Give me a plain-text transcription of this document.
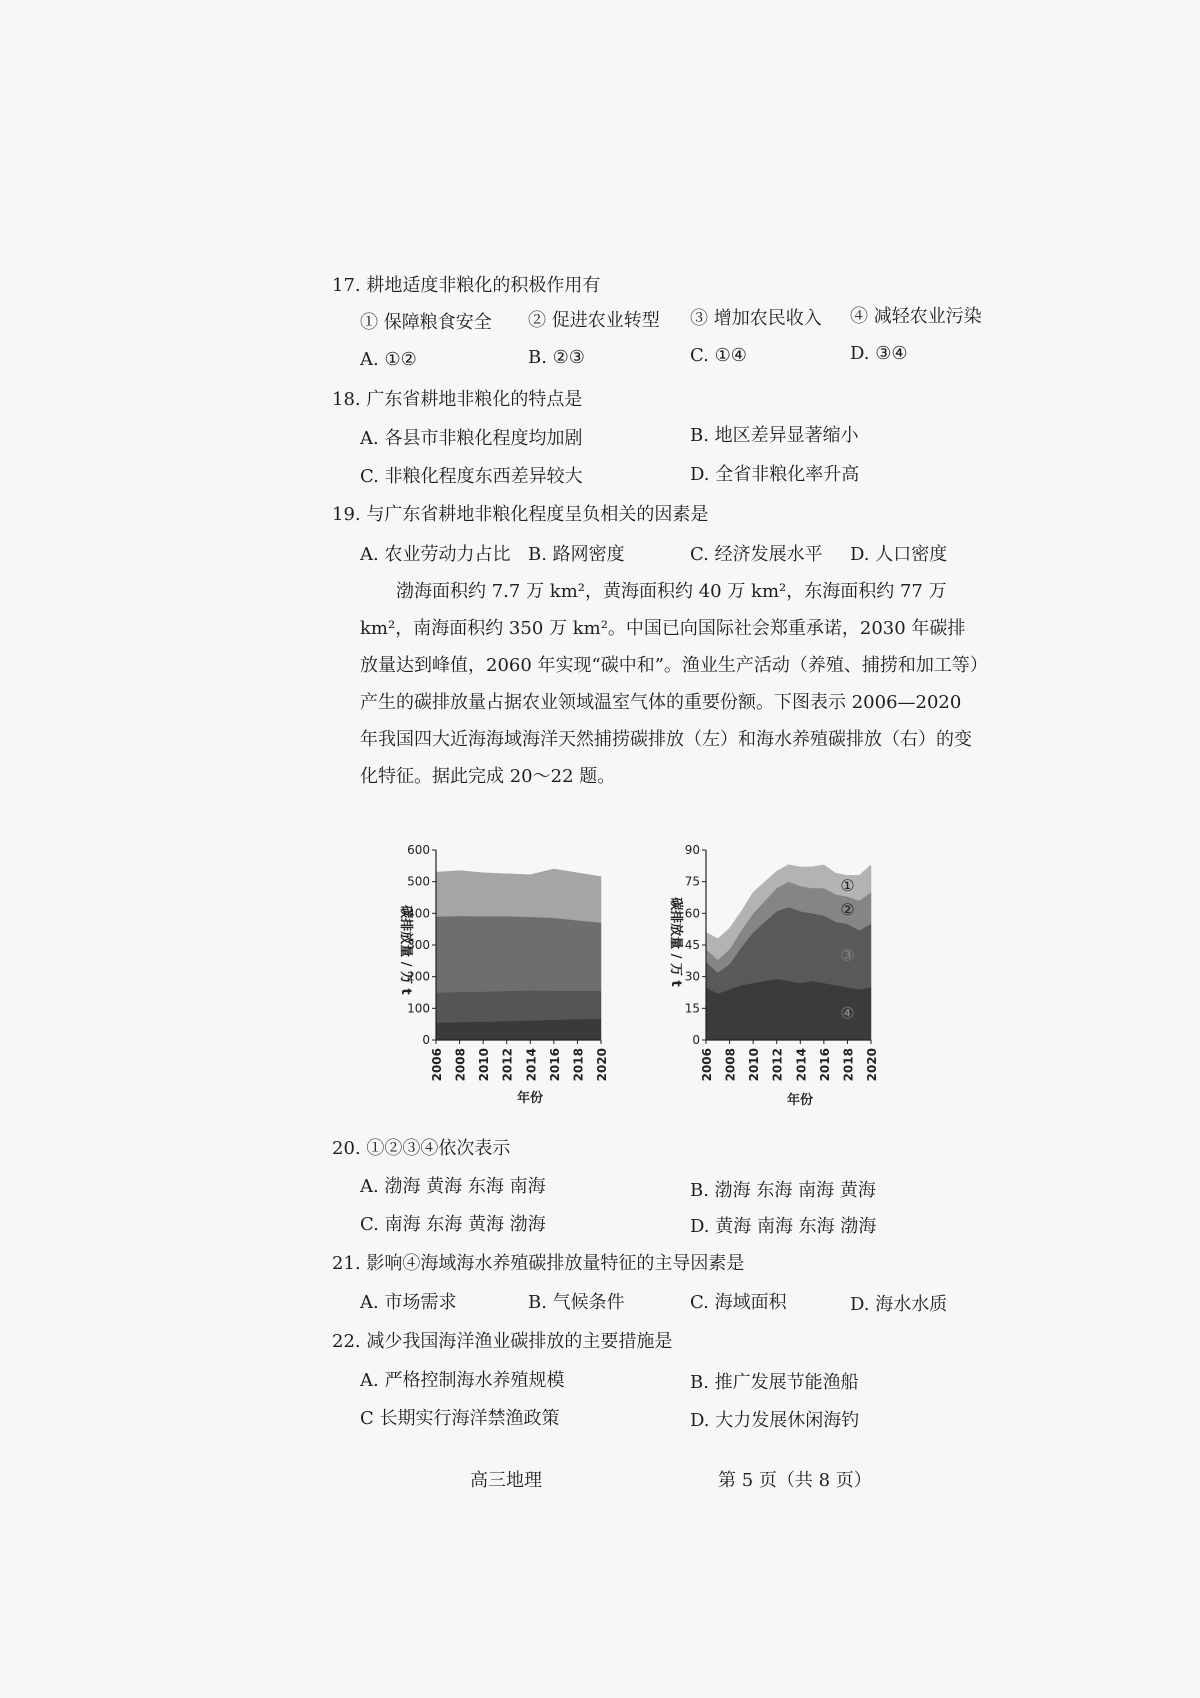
17. 耕地适度非粮化的积极作用有
① 保障粮食安全 ② 促进农业转型 ③ 增加农民收入 ④ 减轻农业污染
A. ①②	B. ②③	C. ①④	D. ③④
18. 广东省耕地非粮化的特点是
A. 各县市非粮化程度均加剧	B. 地区差异显著缩小
C. 非粮化程度东西差异较大	D. 全省非粮化率升高
19. 与广东省耕地非粮化程度呈负相关的因素是
A. 农业劳动力占比 B. 路网密度	C. 经济发展水平 D. 人口密度
渤海面积约 7.7 万 km²，黄海面积约 40 万 km²，东海面积约 77 万 km²，南海面积约 350 万 km²。中国已向国际社会郑重承诺，2030 年碳排放量达到峰值，2060 年实现“碳中和”。渔业生产活动（养殖、捕捞和加工等）产生的碳排放量占据农业领域温室气体的重要份额。下图表示 2006—2020 年我国四大近海海域海洋天然捕捞碳排放（左）和海水养殖碳排放（右）的变化特征。据此完成 20～22 题。
碳排放量 / 万 t
年份
0
100
200
300
400
500
600
2006 2008 2010 2012 2014 2016 2018 2020
碳排放量 / 万 t
年份
0
15
30
45
60
75
90
2006 2008 2010 2012 2014 2016 2018 2020
④
③
②
①
20. ①②③④依次表示
A. 渤海 黄海 东海 南海	B. 渤海 东海 南海 黄海
C. 南海 东海 黄海 渤海	D. 黄海 南海 东海 渤海
21. 影响④海域海水养殖碳排放量特征的主导因素是
A. 市场需求	B. 气候条件	C. 海域面积	D. 海水水质
22. 减少我国海洋渔业碳排放的主要措施是
A. 严格控制海水养殖规模	B. 推广发展节能渔船
C 长期实行海洋禁渔政策	D. 大力发展休闲海钓
高三地理	第 5 页（共 8 页）
